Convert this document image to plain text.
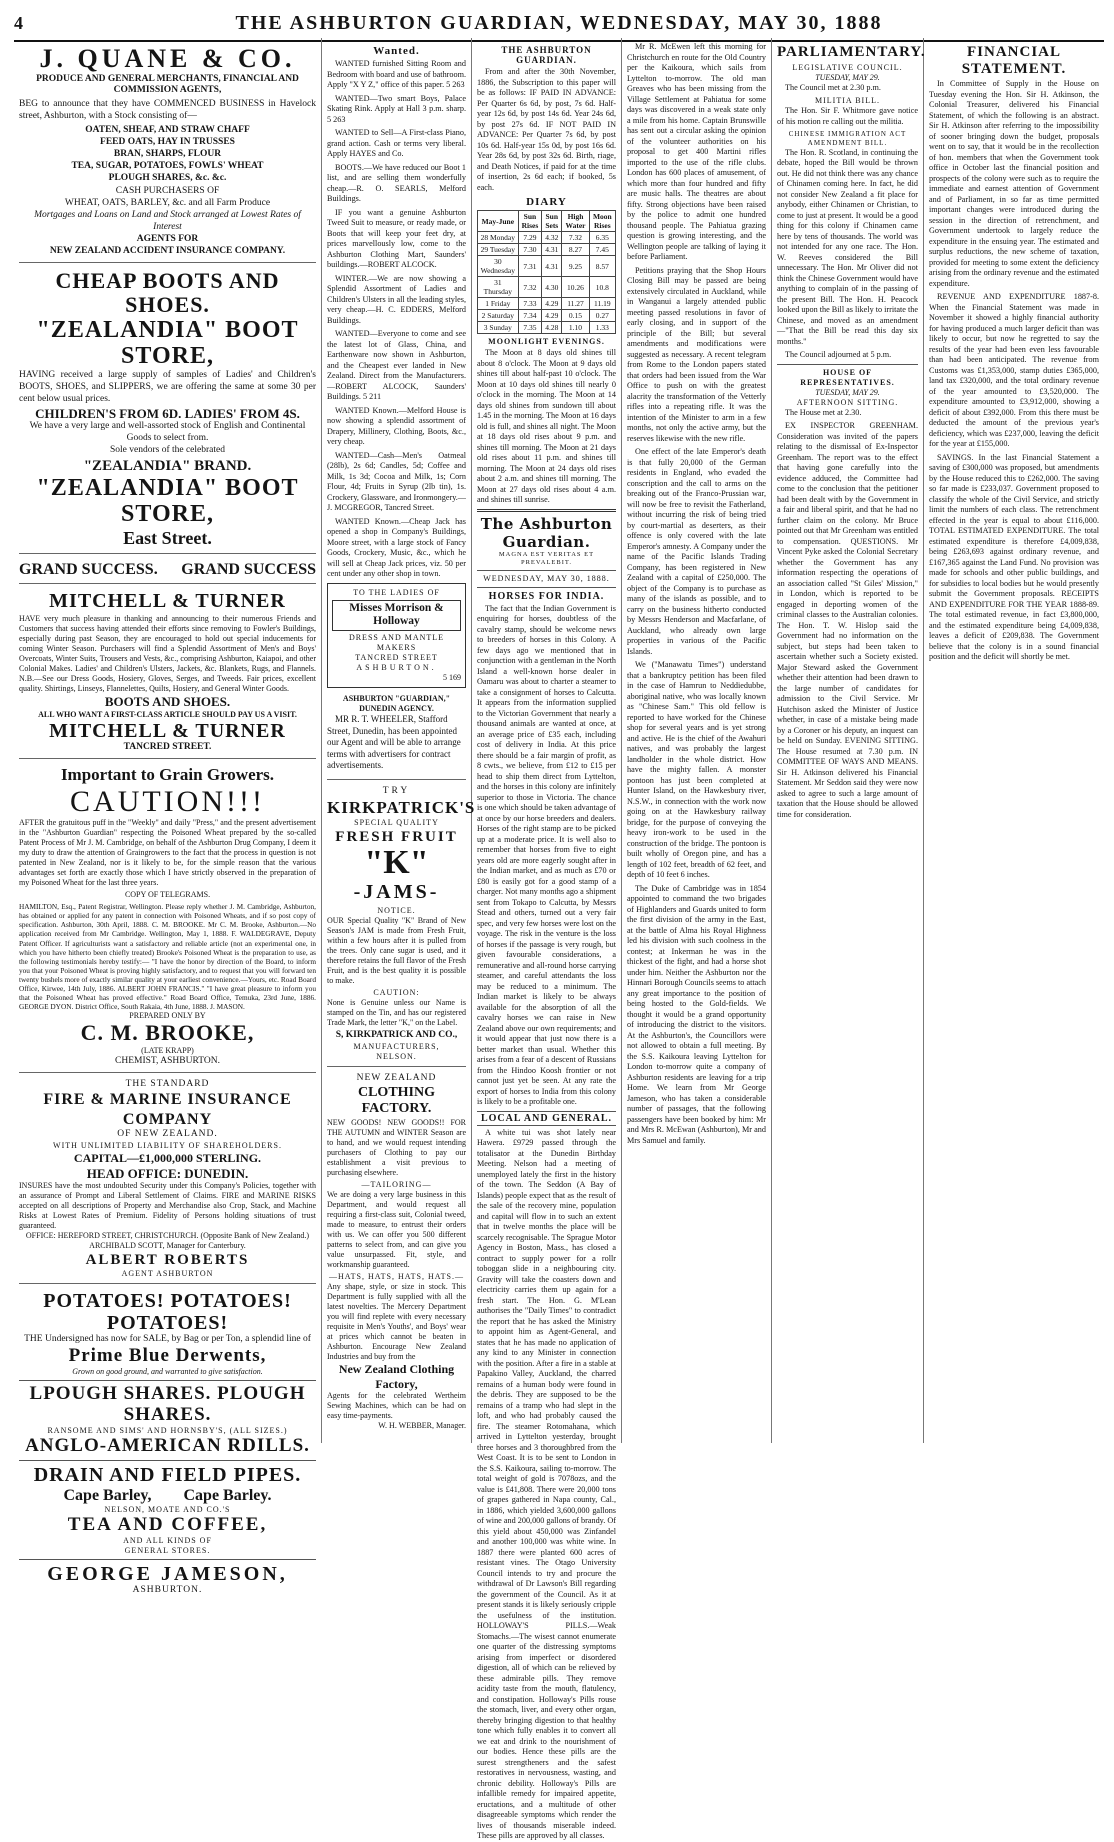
4	THE ASHBURTON GUARDIAN, WEDNESDAY, MAY 30, 1888
J. QUANE & CO.
PRODUCE AND GENERAL MERCHANTS, FINANCIAL AND COMMISSION AGENTS,
BEG to announce that they have COMMENCED BUSINESS in Havelock street, Ashburton, with a Stock consisting of—
OATEN, SHEAF, AND STRAW CHAFF
FEED OATS, HAY IN TRUSSES
BRAN, SHARPS, FLOUR
TEA, SUGAR, POTATOES, FOWLS' WHEAT
PLOUGH SHARES, &c. &c.
CASH PURCHASERS OF
WHEAT, OATS, BARLEY, &c. and all Farm Produce
Mortgages and Loans on Land and Stock arranged at Lowest Rates of Interest
AGENTS FOR
NEW ZEALAND ACCIDENT INSURANCE COMPANY.
CHEAP BOOTS AND SHOES.
"ZEALANDIA" BOOT STORE,
HAVING received a large supply of samples of Ladies' and Children's BOOTS, SHOES, and SLIPPERS, we are offering the same at some 30 per cent below usual prices.
CHILDREN'S FROM 6D. LADIES' FROM 4S.
We have a very large and well-assorted stock of English and Continental Goods to select from.
Sole vendors of the celebrated
"ZEALANDIA" BRAND.
"ZEALANDIA" BOOT STORE,
East Street.
GRAND SUCCESS. GRAND SUCCESS
MITCHELL & TURNER
HAVE very much pleasure in thanking and announcing to their numerous Friends and Customers that success having attended their efforts since removing to Fowler's Buildings, especially during past Season, they are encouraged to hold out special inducements for coming Winter Season. Purchasers will find a Splendid Assortment of Men's and Boys' Overcoats, Winter Suits, Trousers and Vests, &c., comprising Ashburton, Kaiapoi, and other Colonial Makes. Ladies' and Children's Ulsters, Jackets, &c. Blankets, Rugs, and Flannels. N.B.—See our Dress Goods, Hosiery, Gloves, Serges, and Tweeds. Fair prices, excellent quality. Shirtings, Linseys, Flannelettes, Quilts, Hosiery, and General Winter Goods.
BOOTS AND SHOES.
ALL WHO WANT A FIRST-CLASS ARTICLE SHOULD PAY US A VISIT.
MITCHELL & TURNER
TANCRED STREET.
Important to Grain Growers.
CAUTION!!!
AFTER the gratuitous puff in the "Weekly" and daily "Press," and the present advertisement in the "Ashburton Guardian" respecting the Poisoned Wheat prepared by the so-called Patent Process of Mr J. M. Cambridge, on behalf of the Ashburton Drug Company, I deem it my duty to draw the attention of Graingrowers to the fact that the process in question is not patented in New Zealand, nor is it likely to be, for the simple reason that the various advantages set forth are exactly those which I have strictly observed in the preparation of my Poisoned Wheat for the last three years.
COPY OF TELEGRAMS.
HAMILTON, Esq., Patent Registrar, Wellington. Please reply whether J. M. Cambridge, Ashburton, has obtained or applied for any patent in connection with Poisoned Wheats, and if so post copy of specification. Ashburton, 30th April, 1888. C. M. BROOKE. Mr C. M. Brooke, Ashburton.—No application received from Mr Cambridge. Wellington, May 1, 1888. F. WALDEGRAVE, Deputy Patent Officer. If agriculturists want a satisfactory and reliable article (not an experimental one, in which you have hitherto been chiefly treated) Brooke's Poisoned Wheat is the preparation to use, as the following testimonials hereby testify:— "I have the honor by direction of the Board, to inform you that your Poisoned Wheat is proving highly satisfactory, and to request that you will forward ten twenty bushels more of exactly similar quality at your earliest convenience.—Yours, etc. Road Board Office, Kirwee, 14th July, 1886. ALBERT JOHN FRANCIS." "I have great pleasure to inform you that the Poisoned Wheat has proved effective." Road Board Office, Temuka, 23rd June, 1886. GEORGE DYON. District Office, South Rakaia, 4th June, 1888. J. MASON.
PREPARED ONLY BY
C. M. BROOKE,
(LATE KRAPP)
CHEMIST, ASHBURTON.
THE STANDARD
FIRE & MARINE INSURANCE COMPANY
OF NEW ZEALAND.
WITH UNLIMITED LIABILITY OF SHAREHOLDERS.
CAPITAL—£1,000,000 STERLING.
HEAD OFFICE: DUNEDIN.
INSURES have the most undoubted Security under this Company's Policies, together with an assurance of Prompt and Liberal Settlement of Claims. FIRE and MARINE RISKS accepted on all descriptions of Property and Merchandise also Crop, Stack, and Machine Risks at Lowest Rates of Premium. Fidelity of Persons holding situations of trust guaranteed.
OFFICE: HEREFORD STREET, CHRISTCHURCH. (Opposite Bank of New Zealand.) ARCHIBALD SCOTT, Manager for Canterbury.
ALBERT ROBERTS
AGENT ASHBURTON
POTATOES! POTATOES! POTATOES!
THE Undersigned has now for SALE, by Bag or per Ton, a splendid line of
Prime Blue Derwents,
Grown on good ground, and warranted to give satisfaction.
LPOUGH SHARES. PLOUGH SHARES.
RANSOME AND SIMS' AND HORNSBY'S, (ALL SIZES.)
ANGLO-AMERICAN RDILLS.
DRAIN AND FIELD PIPES.
Cape Barley,        Cape Barley.
NELSON, MOATE AND CO.'S
TEA AND COFFEE,
AND ALL KINDS OF
GENERAL STORES.
GEORGE JAMESON,
ASHBURTON.
Wanted.
WANTED furnished Sitting Room and Bedroom with board and use of bathroom. Apply "X Y Z," office of this paper. 5 263
WANTED—Two smart Boys, Palace Skating Rink. Apply at Hall 3 p.m. sharp. 5 263
WANTED to Sell—A First-class Piano, grand action. Cash or terms very liberal. Apply HAYES and Co.
BOOTS.—We have reduced our Boot 1 list, and are selling them wonderfully cheap.—R. O. SEARLS, Melford Buildings.
IF you want a genuine Ashburton Tweed Suit to measure, or ready made, or Boots that will keep your feet dry, at prices marvellously low, come to the Ashburton Clothing Mart, Saunders' buildings.—ROBERT ALCOCK.
WINTER.—We are now showing a Splendid Assortment of Ladies and Children's Ulsters in all the leading styles, very cheap.—H. C. EDDERS, Melford Buildings.
WANTED—Everyone to come and see the latest lot of Glass, China, and Earthenware now shown in Ashburton, and the Cheapest ever landed in New Zealand. Direct from the Manufacturers.—ROBERT ALCOCK, Saunders' Buildings. 5 211
WANTED Known.—Melford House is now showing a splendid assortment of Drapery, Millinery, Clothing, Boots, &c., very cheap.
WANTED—Cash—Men's Oatmeal (28lb), 2s 6d; Candles, 5d; Coffee and Milk, 1s 3d; Cocoa and Milk, 1s; Corn Flour, 4d; Fruits in Syrup (2lb tin), 1s. Crockery, Glassware, and Ironmongery.—J. MCGREGOR, Tancred Street.
WANTED Known.—Cheap Jack has opened a shop in Company's Buildings, Moore street, with a large stock of Fancy Goods, Crockery, Music, &c., which he will sell at Cheap Jack prices, viz. 50 per cent under any other shop in town.
TO THE LADIES OF
Misses Morrison & Holloway
DRESS AND MANTLE MAKERS
TANCRED STREET
ASHBURTON.
5 169
ASHBURTON "GUARDIAN," DUNEDIN AGENCY.
MR R. T. WHEELER, Stafford Street, Dunedin, has been appointed our Agent and will be able to arrange terms with advertisers for contract advertisements.
TRY
KIRKPATRICK'S
SPECIAL QUALITY
FRESH FRUIT
"K"
-JAMS-
NOTICE.
OUR Special Quality "K" Brand of New Season's JAM is made from Fresh Fruit, within a few hours after it is pulled from the trees. Only cane sugar is used, and it therefore retains the full flavor of the Fresh Fruit, and is the best quality it is possible to make.
CAUTION:
None is Genuine unless our Name is stamped on the Tin, and has our registered Trade Mark, the letter "K," on the Label.
S, KIRKPATRICK AND CO.,
MANUFACTURERS,
NELSON.
NEW ZEALAND
CLOTHING FACTORY.
NEW GOODS! NEW GOODS!! FOR THE AUTUMN and WINTER Season are to hand, and we would request intending purchasers of Clothing to pay our establishment a visit previous to purchasing elsewhere.
—TAILORING—
We are doing a very large business in this Department, and would request all requiring a first-class suit, Colonial tweed, made to measure, to entrust their orders with us. We can offer you 500 different patterns to select from, and can give you value unsurpassed. Fit, style, and workmanship guaranteed.
—HATS, HATS, HATS, HATS.—
Any shape, style, or size in stock. This Department is fully supplied with all the latest novelties. The Mercery Department you will find replete with every necessary requisite in Men's Youths', and Boys' wear at prices which cannot be beaten in Ashburton. Encourage New Zealand Industries and buy from the
New Zealand Clothing Factory,
Agents for the celebrated Wertheim Sewing Machines, which can be had on easy time-payments.
W. H. WEBBER, Manager.
THE ASHBURTON GUARDIAN.
From and after the 30th November, 1886, the Subscription to this paper will be as follows: IF PAID IN ADVANCE: Per Quarter 6s 6d, by post, 7s 6d. Half-year 12s 6d, by post 14s 6d. Year 24s 6d, by post 27s 6d. IF NOT PAID IN ADVANCE: Per Quarter 7s 6d, by post 10s 6d. Half-year 15s 0d, by post 16s 6d. Year 28s 6d, by post 32s 6d. Birth, riage, and Death Notices, if paid for at the time of insertion, 2s 6d each; if booked, 5s each.
DIARY
May-June	Sun Rises	Sun Sets	High Water	Moon Rises
28 Monday	7.29	4.32	7.32	6.35
29 Tuesday	7.30	4.31	8.27	7.45
30 Wednesday	7.31	4.31	9.25	8.57
31 Thursday	7.32	4.30	10.26	10.8
1 Friday	7.33	4.29	11.27	11.19
2 Saturday	7.34	4.29	0.15	0.27
3 Sunday	7.35	4.28	1.10	1.33
MOONLIGHT EVENINGS.
The Moon at 8 days old shines till about 8 o'clock. The Moon at 9 days old shines till about half-past 10 o'clock. The Moon at 10 days old shines till nearly 0 o'clock in the morning. The Moon at 14 days old shines from sundown till about 1.45 in the morning. The Moon at 16 days old is full, and shines all night. The Moon at 18 days old rises about 9 p.m. and shines till morning. The Moon at 21 days old rises about 11 p.m. and shines till morning. The Moon at 24 days old rises about 2 a.m. and shines till morning. The Moon at 27 days old rises about 4 a.m. and shines till sunrise.
The Ashburton Guardian.
MAGNA EST VERITAS ET PREVALEBIT.
WEDNESDAY, MAY 30, 1888.
HORSES FOR INDIA.
The fact that the Indian Government is enquiring for horses, doubtless of the cavalry stamp, should be welcome news to breeders of horses in this Colony. A few days ago we mentioned that in conjunction with a gentleman in the North Island a well-known horse dealer in Oamaru was about to charter a steamer to take a consignment of horses to Calcutta. It appears from the information supplied to the Victorian Government that nearly a thousand animals are wanted at once, at an average price of £35 each, including cost of delivery in India. At this price there should be a fair margin of profit, as 8 cwts., we believe, from £12 to £15 per head to ship them direct from Lyttelton, and the horses in this colony are infinitely superior to those in Victoria. The chance is one which should be taken advantage of at once by our horse breeders and dealers. Horses of the right stamp are to be picked up at a moderate price. It is well also to remember that horses from five to eight years old are more eagerly sought after in the Indian market, and as much as £70 or £80 is easily got for a good stamp of a charger. Not many months ago a shipment sent from Tokapo to Calcutta, by Messrs Stead and others, turned out a very fair spec, and very few horses were lost on the voyage. The risk in the venture is the loss of horses if the passage is very rough, but given favourable considerations, a remunerative and all-round horse carrying steamer, and careful attendants the loss may be reduced to a minimum. The Indian market is likely to be always available for the absorption of all the cavalry horses we can raise in New Zealand above our own requirements; and it would appear that just now there is a better market than usual. Whether this arises from a fear of a descent of Russians from the Hindoo Koosh frontier or not cannot just yet be seen. At any rate the export of horses to India from this colony is likely to be a profitable one.
LOCAL AND GENERAL.
A white tui was shot lately near Hawera. £9729 passed through the totalisator at the Dunedin Birthday Meeting. Nelson had a meeting of unemployed lately the first in the history of the town. The Seddon (A Bay of Islands) people expect that as the result of the sale of the recovery mine, population and capital will flow in to such an extent that in twelve months the place will be scarcely recognisable. The Sprague Motor Agency in Boston, Mass., has closed a contract to supply power for a rollr toboggan slide in a neighbouring city. Gravity will take the coasters down and electricity carries them up again for a fresh start. The Hon. G. M'Lean authorises the "Daily Times" to contradict the report that he has asked the Ministry to appoint him as Agent-General, and states that he has made no application of any kind to any Minister in connection with the position. After a fire in a stable at Papakino Valley, Auckland, the charred remains of a human body were found in the debris. They are supposed to be the remains of a tramp who had slept in the loft, and who had probably caused the fire. The steamer Rotomahana, which arrived in Lyttelton yesterday, brought three horses and 3 thoroughbred from the West Coast. It is to be sent to London in the S.S. Kaikoura, sailing to-morrow. The total weight of gold is 7078ozs, and the value is £41,808. There were 20,000 tons of grapes gathered in Napa county, Cal., in 1886, which yielded 3,600,000 gallons of wine and 200,000 gallons of brandy. Of this yield about 450,000 was Zinfandel and another 100,000 was white wine. In 1887 there were planted 600 acres of resistant vines. The Otago University Council intends to try and procure the withdrawal of Dr Lawson's Bill regarding the government of the Council. As it at present stands it is likely seriously cripple the usefulness of the institution. HOLLOWAY'S PILLS.—Weak Stomachs.—The wisest cannot enumerate one quarter of the distressing symptoms arising from imperfect or disordered digestion, all of which can be relieved by these admirable pills. They remove acidity taste from the mouth, flatulency, and constipation. Holloway's Pills rouse the stomach, liver, and every other organ, thereby bringing digestion to that healthy tone which fully enables it to convert all we eat and drink to the nourishment of our bodies. Hence these pills are the surest strengtheners and the safest restoratives in nervousness, wasting, and chronic debility. Holloway's Pills are infallible remedy for impaired appetite, eructations, and a multitude of other disagreeable symptoms which render the lives of thousands miserable indeed. These pills are approved by all classes.
Mr R. McEwen left this morning for Christchurch en route for the Old Country per the Kaikoura, which sails from Lyttelton to-morrow. The old man Greaves who has been missing from the Village Settlement at Pahiatua for some days was discovered in a weak state only a mile from his home. Captain Brunswille has sent out a circular asking the opinion of the volunteer authorities on his proposal to get 400 Martini rifles imported to the use of the rifle clubs. London has 600 places of amusement, of which more than four hundred and fifty are music halls. The theatres are about fifty. Strong objections have been raised by the police to admit one hundred thousand people. The Pahiatua grazing question is growing interesting, and the Wellington people are talking of laying it before Parliament.
Petitions praying that the Shop Hours Closing Bill may be passed are being extensively circulated in Auckland, while in Wanganui a largely attended public meeting passed resolutions in favor of early closing, and in support of the principle of the Bill; but several amendments and modifications were suggested as necessary. A recent telegram from Rome to the London papers stated that orders had been issued from the War Office to push on with the greatest alacrity the transformation of the Vetterly rifles into a repeating rifle. It was the intention of the Minister to arm in a few months, not only the active army, but the reserves likewise with the new rifle.
One effect of the late Emperor's death is that fully 20,000 of the German residents in England, who evaded the conscription and the call to arms on the breaking out of the Franco-Prussian war, will now be free to revisit the Fatherland, without incurring the risk of being tried by court-martial as deserters, as their offence is only covered with the late Emperor's amnesty. A Company under the name of the Pacific Islands Trading Company, has been registered in New Zealand with a capital of £250,000. The object of the Company is to purchase as many of the islands as possible, and to carry on the business hitherto conducted by Messrs Henderson and Macfarlane, of Auckland, who already own large properties in various of the Pacific Islands.
We ("Manawatu Times") understand that a bankruptcy petition has been filed in the case of Hamrun to Neddiedubbe, aboriginal native, who was locally known as "Chinese Sam." This old fellow is reported to have worked for the Chinese shop for several years and is yet strong and active. He is the chief of the Awahuri natives, and was probably the largest landholder in the whole district. How have the mighty fallen. A monster pontoon has just been completed at Hunter Island, on the Hawkesbury river, N.S.W., in connection with the work now going on at the Hawkesbury railway bridge, for the purpose of conveying the heavy iron-work to be used in the construction of the bridge. The pontoon is built wholly of Oregon pine, and has a length of 102 feet, breadth of 62 feet, and depth of 10 feet 6 inches.
The Duke of Cambridge was in 1854 appointed to command the two brigades of Highlanders and Guards united to form the first division of the army in the East, at the battle of Alma his Royal Highness led his division with such coolness in the contest; at Inkerman he was in the thickest of the fight, and had a horse shot under him. Neither the Ashburton nor the Hinnari Borough Councils seems to attach any great importance to the position of being hosted to the Gold-fields. We thought it would be a grand opportunity of introducing the district to the visitors. At the Ashburton's, the Councillors were not allowed to obtain a full meeting. By the S.S. Kaikoura leaving Lyttelton for London to-morrow quite a company of Ashburton residents are leaving for a trip Home. We learn from Mr George Jameson, who has taken a considerable number of passages, that the following passengers have been booked by him: Mr and Mrs R. McEwan (Ashburton), Mr and Mrs Samuel and family.
PARLIAMENTARY.
LEGISLATIVE COUNCIL.
TUESDAY, MAY 29.
The Council met at 2.30 p.m.
MILITIA BILL.
The Hon. Sir F. Whitmore gave notice of his motion re calling out the militia.
CHINESE IMMIGRATION ACT AMENDMENT BILL.
The Hon. R. Scotland, in continuing the debate, hoped the Bill would be thrown out. He did not think there was any chance of Chinamen coming here. In fact, he did not consider New Zealand a fit place for anybody, either Chinamen or Christian, to come to just at present. It would be a good thing for this colony if Chinamen came here by tens of thousands. The world was not intended for any one race. The Hon. W. Reeves considered the Bill unnecessary. The Hon. Mr Oliver did not think the Chinese Government would have anything to complain of in the passing of the present Bill. The Hon. H. Peacock looked upon the Bill as likely to irritate the Chinese, and moved as an amendment—"That the Bill be read this day six months."
The Council adjourned at 5 p.m.
HOUSE OF REPRESENTATIVES.
TUESDAY, MAY 29.
AFTERNOON SITTING.
The House met at 2.30.
EX INSPECTOR GREENHAM. Consideration was invited of the papers relating to the dismissal of Ex-Inspector Greenham. The report was to the effect that having gone carefully into the evidence adduced, the Committee had come to the conclusion that the petitioner had been dealt with by the Government in a fair and liberal spirit, and that he had no further claim on the colony. Mr Bruce pointed out that Mr Greenham was entitled to compensation. QUESTIONS. Mr Vincent Pyke asked the Colonial Secretary whether the Government has any information respecting the operations of an association called "St Giles' Mission," in London, which is reported to be engaged in deporting women of the criminal classes to the Australian colonies. The Hon. T. W. Hislop said the Government had no information on the subject, but steps had been taken to ascertain whether such a Society existed. Major Steward asked the Government whether their attention had been drawn to the large number of candidates for admission to the Civil Service. Mr Hutchison asked the Minister of Justice whether, in case of a mistake being made by a Coroner or his deputy, an inquest can be held on Sunday. EVENING SITTING. The House resumed at 7.30 p.m. IN COMMITTEE OF WAYS AND MEANS. Sir H. Atkinson delivered his Financial Statement. Mr Seddon said they were now asked to agree to such a large amount of taxation that the House should be allowed time for consideration.
FINANCIAL STATEMENT.
In Committee of Supply in the House on Tuesday evening the Hon. Sir H. Atkinson, the Colonial Treasurer, delivered his Financial Statement, of which the following is an abstract. Sir H. Atkinson after referring to the impossibility of sooner bringing down the budget, proposals went on to say, that it would be in the recollection of hon. members that when the Government took office in October last the financial position and prospects of the colony were such as to require the immediate and earnest attention of Government and of Parliament, in so far as time permitted important changes were introduced during the session in the direction of retrenchment, and Government undertook to largely reduce the expenditure in the ensuing year. The estimated and surplus reductions, the new scheme of taxation, provided for meeting to some extent the deficiency arising from the ordinary revenue and the estimated expenditure.
REVENUE AND EXPENDITURE 1887-8. When the Financial Statement was made in November it showed a highly financial authority for having produced a much larger deficit than was likely to occur, but now he regretted to say the results of the year had been even less favourable than had been anticipated. The revenue from Customs was £1,353,000, stamp duties £365,000, land tax £320,000, and the total ordinary revenue of the year amounted to £3,520,000. The expenditure amounted to £3,912,000, showing a deficit of about £392,000. From this there must be deducted the amount of the previous year's deficiency, which was £237,000, leaving the deficit for the year at £155,000.
SAVINGS. In the last Financial Statement a saving of £300,000 was proposed, but amendments by the House reduced this to £262,000. The saving so far made is £233,037. Government proposed to classify the whole of the Civil Service, and strictly limit the numbers of each class. The retrenchment effected in the year is equal to about £116,000. TOTAL ESTIMATED EXPENDITURE. The total estimated expenditure is therefore £4,009,838, being £263,693 against ordinary revenue, and £167,365 against the Land Fund. No provision was made for schools and other public buildings, and for subsidies to local bodies but he would presently submit the Government proposals. RECEIPTS AND EXPENDITURE FOR THE YEAR 1888-89. The total estimated revenue, in fact £3,800,000, and the estimated expenditure being £4,009,838, leaves a deficit of £209,838. The Government believe that the colony is in a sound financial position and the deficit will shortly be met.
